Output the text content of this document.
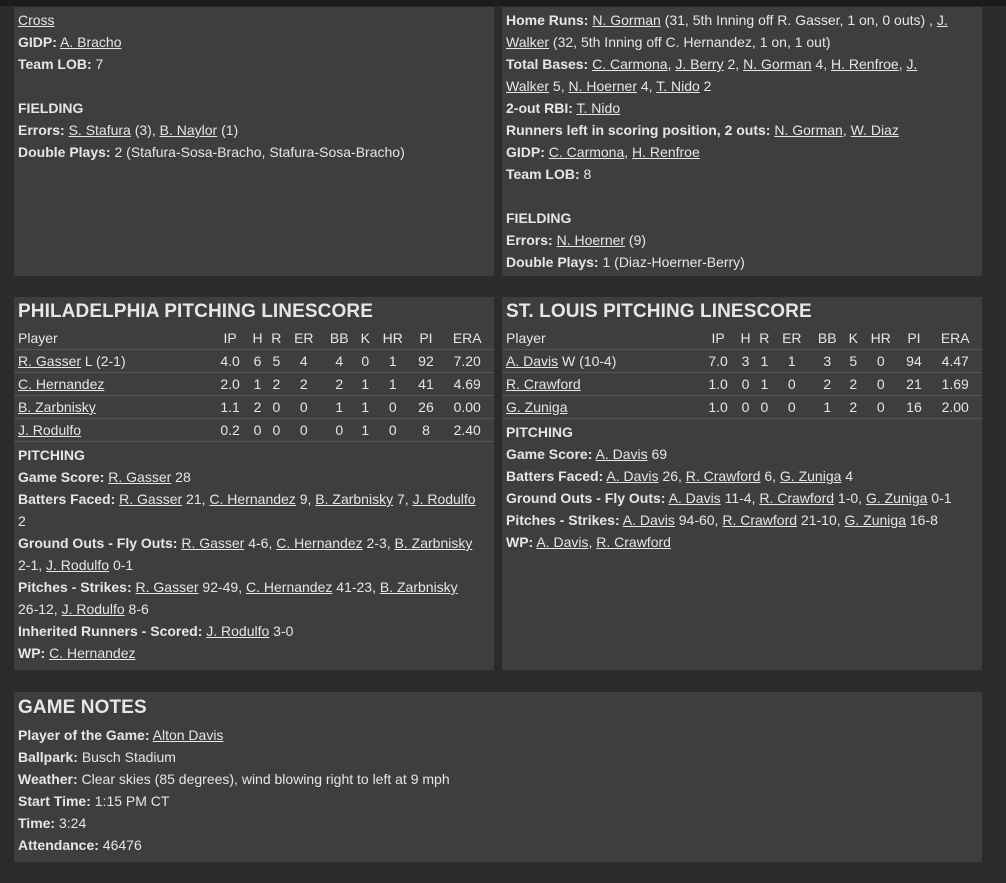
Cross
GIDP: A. Bracho
Team LOB: 7
FIELDING
Errors: S. Stafura (3), B. Naylor (1)
Double Plays: 2 (Stafura-Sosa-Bracho, Stafura-Sosa-Bracho)
Home Runs: N. Gorman (31, 5th Inning off R. Gasser, 1 on, 0 outs) , J.
Walker (32, 5th Inning off C. Hernandez, 1 on, 1 out)
Total Bases: C. Carmona, J. Berry 2, N. Gorman 4, H. Renfroe, J.
Walker 5, N. Hoerner 4, T. Nido 2
2-out RBI: T. Nido
Runners left in scoring position, 2 outs: N. Gorman, W. Diaz
GIDP: C. Carmona, H. Renfroe
Team LOB: 8
FIELDING
Errors: N. Hoerner (9)
Double Plays: 1 (Diaz-Hoerner-Berry)
PHILADELPHIA PITCHING LINESCORE
Player	IP	H	R	ER	BB	K	HR	PI	ERA
R. Gasser L (2-1)	4.0	6	5	4	4	0	1	92	7.20
C. Hernandez	2.0	1	2	2	2	1	1	41	4.69
B. Zarbnisky	1.1	2	0	0	1	1	0	26	0.00
J. Rodulfo	0.2	0	0	0	0	1	0	8	2.40
PITCHING
Game Score: R. Gasser 28
Batters Faced: R. Gasser 21, C. Hernandez 9, B. Zarbnisky 7, J. Rodulfo
2
Ground Outs - Fly Outs: R. Gasser 4-6, C. Hernandez 2-3, B. Zarbnisky
2-1, J. Rodulfo 0-1
Pitches - Strikes: R. Gasser 92-49, C. Hernandez 41-23, B. Zarbnisky
26-12, J. Rodulfo 8-6
Inherited Runners - Scored: J. Rodulfo 3-0
WP: C. Hernandez
ST. LOUIS PITCHING LINESCORE
Player	IP	H	R	ER	BB	K	HR	PI	ERA
A. Davis W (10-4)	7.0	3	1	1	3	5	0	94	4.47
R. Crawford	1.0	0	1	0	2	2	0	21	1.69
G. Zuniga	1.0	0	0	0	1	2	0	16	2.00
PITCHING
Game Score: A. Davis 69
Batters Faced: A. Davis 26, R. Crawford 6, G. Zuniga 4
Ground Outs - Fly Outs: A. Davis 11-4, R. Crawford 1-0, G. Zuniga 0-1
Pitches - Strikes: A. Davis 94-60, R. Crawford 21-10, G. Zuniga 16-8
WP: A. Davis, R. Crawford
GAME NOTES
Player of the Game: Alton Davis
Ballpark: Busch Stadium
Weather: Clear skies (85 degrees), wind blowing right to left at 9 mph
Start Time: 1:15 PM CT
Time: 3:24
Attendance: 46476
